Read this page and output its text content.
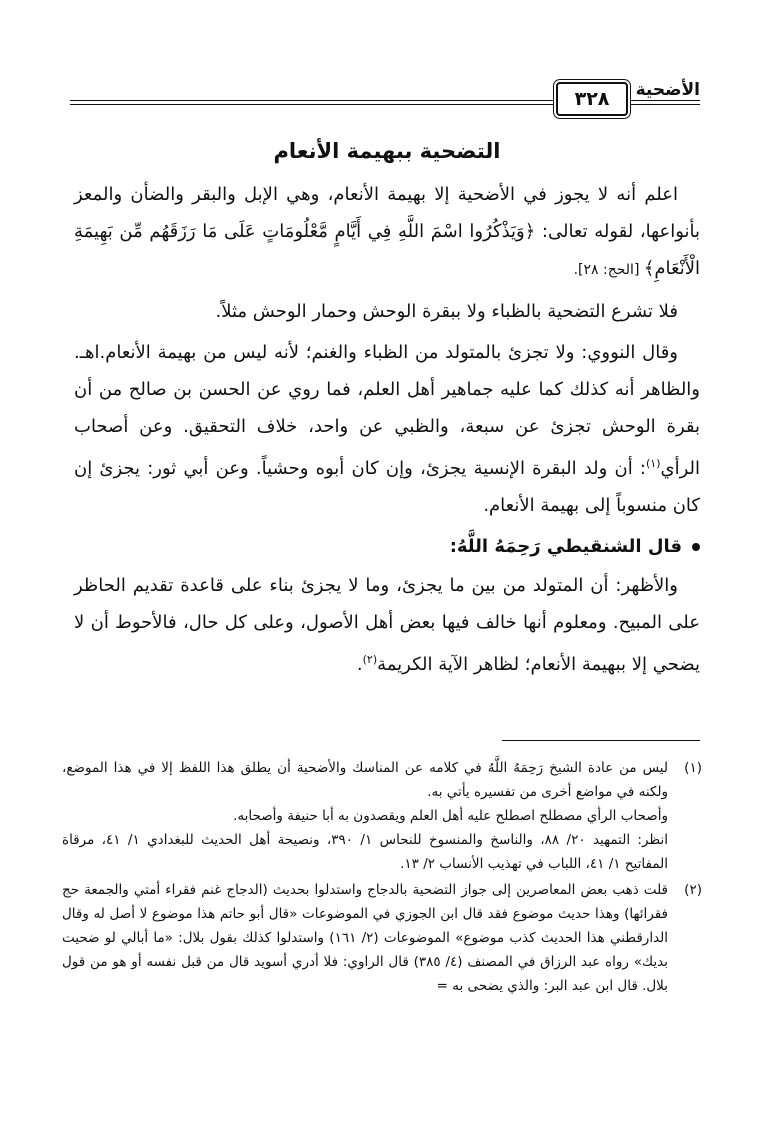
الأضحية
٣٢٨
التضحية ببهيمة الأنعام

اعلم أنه لا يجوز في الأضحية إلا بهيمة الأنعام، وهي الإبل والبقر والضأن والمعز بأنواعها، لقوله تعالى: ﴿وَيَذْكُرُوا اسْمَ اللَّهِ فِي أَيَّامٍ مَّعْلُومَاتٍ عَلَى مَا رَزَقَهُم مِّن بَهِيمَةِ الْأَنْعَامِ﴾ [الحج: ٢٨].

فلا تشرع التضحية بالظباء ولا ببقرة الوحش وحمار الوحش مثلاً.

وقال النووي: ولا تجزئ بالمتولد من الظباء والغنم؛ لأنه ليس من بهيمة الأنعام.اهـ. والظاهر أنه كذلك كما عليه جماهير أهل العلم، فما روي عن الحسن بن صالح من أن بقرة الوحش تجزئ عن سبعة، والظبي عن واحد، خلاف التحقيق. وعن أصحاب الرأي$^{(١)}$: أن ولد البقرة الإنسية يجزئ، وإن كان أبوه وحشياً. وعن أبي ثور: يجزئ إن كان منسوباً إلى بهيمة الأنعام.

قال الشنقيطي رَحِمَهُ اللَّهُ:

والأظهر: أن المتولد من بين ما يجزئ، وما لا يجزئ بناء على قاعدة تقديم الحاظر على المبيح. ومعلوم أنها خالف فيها بعض أهل الأصول، وعلى كل حال، فالأحوط أن لا يضحي إلا ببهيمة الأنعام؛ لظاهر الآية الكريمة$^{(٢)}$.

(١)
ليس من عادة الشيخ رَحِمَهُ اللَّهُ في كلامه عن المناسك والأضحية أن يطلق هذا اللفظ إلا في هذا الموضع، ولكنه في مواضع أخرى من تفسيره يأتي به.
وأصحاب الرأي مصطلح اصطلح عليه أهل العلم ويقصدون به أبا حنيفة وأصحابه.
انظر: التمهيد ٢٠/ ٨٨، والناسخ والمنسوخ للنحاس ١/ ٣٩٠، ونصيحة أهل الحديث للبغدادي ١/ ٤١، مرقاة المفاتيح ١/ ٤١، اللباب في تهذيب الأنساب ٢/ ١٣.
(٢)
قلت ذهب بعض المعاصرين إلى جواز التضحية بالدجاج واستدلوا بحديث (الدجاج غنم فقراء أمتي والجمعة حج فقرائها) وهذا حديث موضوع فقد قال ابن الجوزي في الموضوعات «قال أبو حاتم هذا موضوع لا أصل له وقال الدارقطني هذا الحديث كذب موضوع» الموضوعات (٢/ ١٦١) واستدلوا كذلك بقول بلال: «ما أبالي لو ضحيت بديك» رواه عبد الرزاق في المصنف (٤/ ٣٨٥) قال الراوي: فلا أدري أسويد قال من قبل نفسه أو هو من قول بلال. قال ابن عبد البر: والذي يضحى به =
